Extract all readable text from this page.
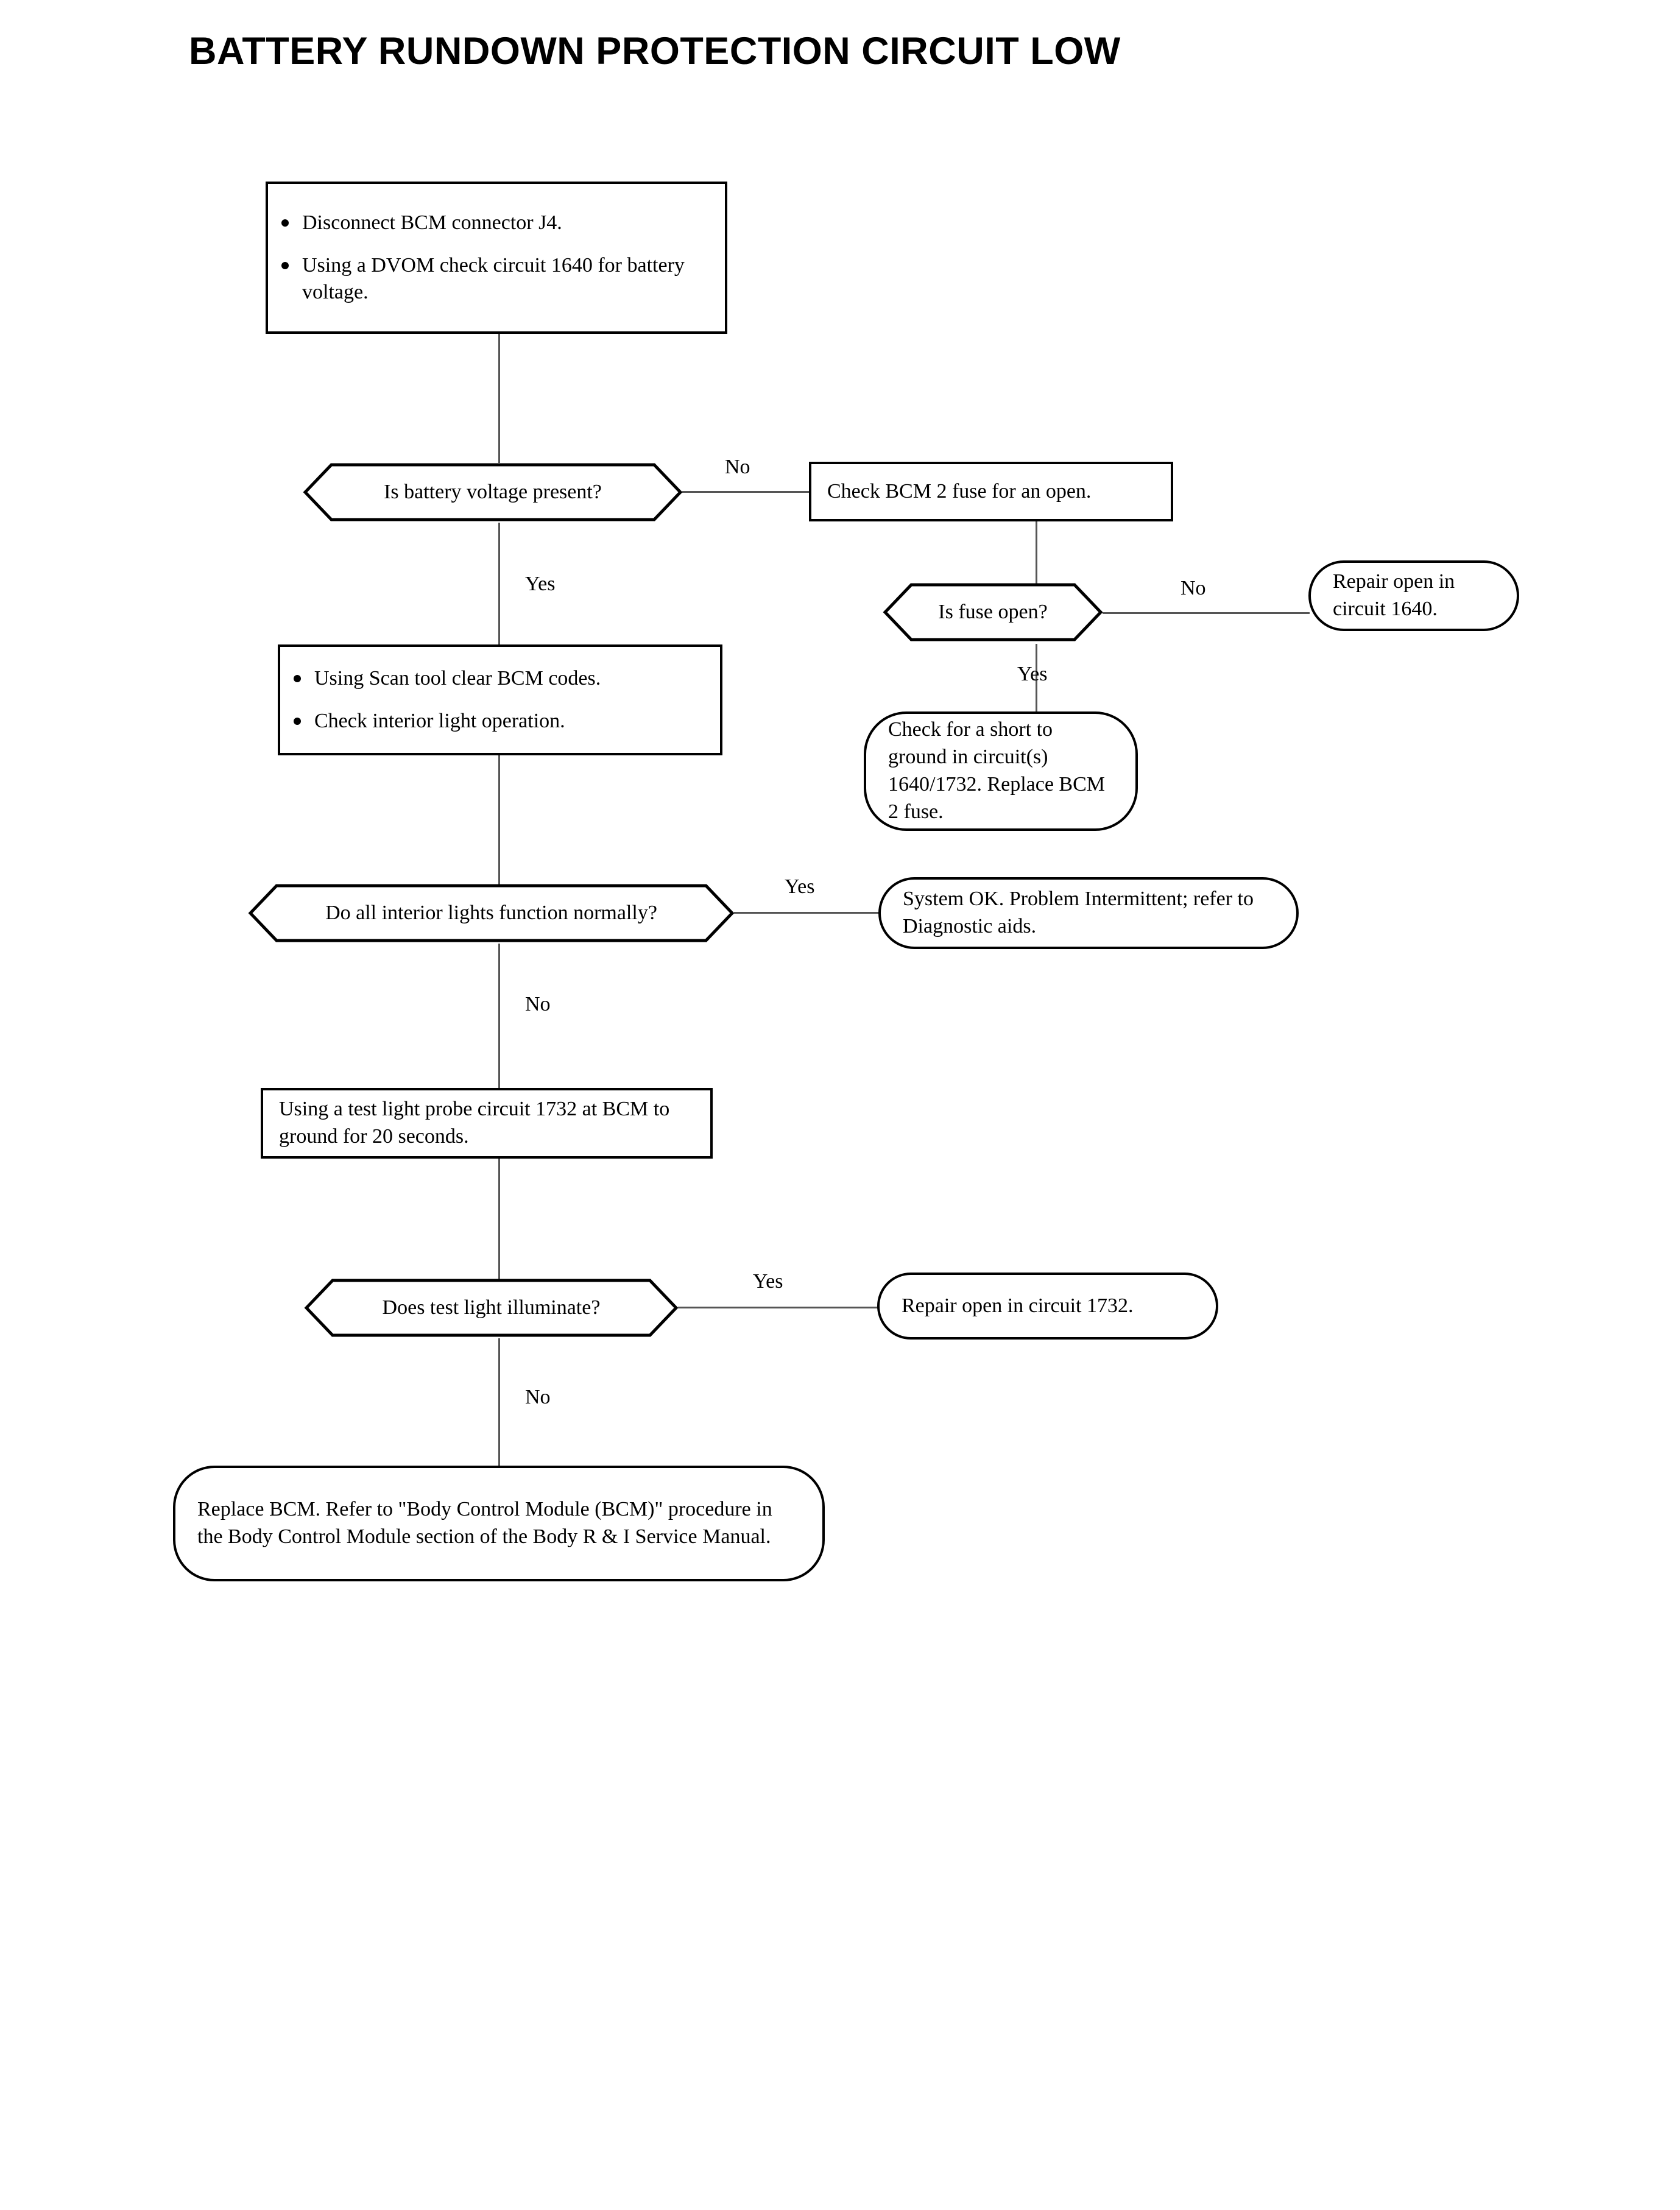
BATTERY RUNDOWN PROTECTION CIRCUIT LOW
Disconnect BCM connector J4.
Using a DVOM check circuit 1640 for battery voltage.
Is battery voltage present?	Check BCM 2 fuse for an open.
Is fuse open?
Repair open in circuit 1640.
Check for a short to ground in circuit(s) 1640/1732. Replace BCM 2 fuse.
Using Scan tool clear BCM codes.
Check interior light operation.
Do all interior lights function normally?
System OK. Problem Intermittent; refer to Diagnostic aids.
Using a test light probe circuit 1732 at BCM to ground for 20 seconds.
Does test light illuminate?	Repair open in circuit 1732.
Replace BCM. Refer to "Body Control Module (BCM)" procedure in the Body Control Module section of the Body R & I Service Manual.
No
Yes	No
Yes
Yes
No
Yes
No
